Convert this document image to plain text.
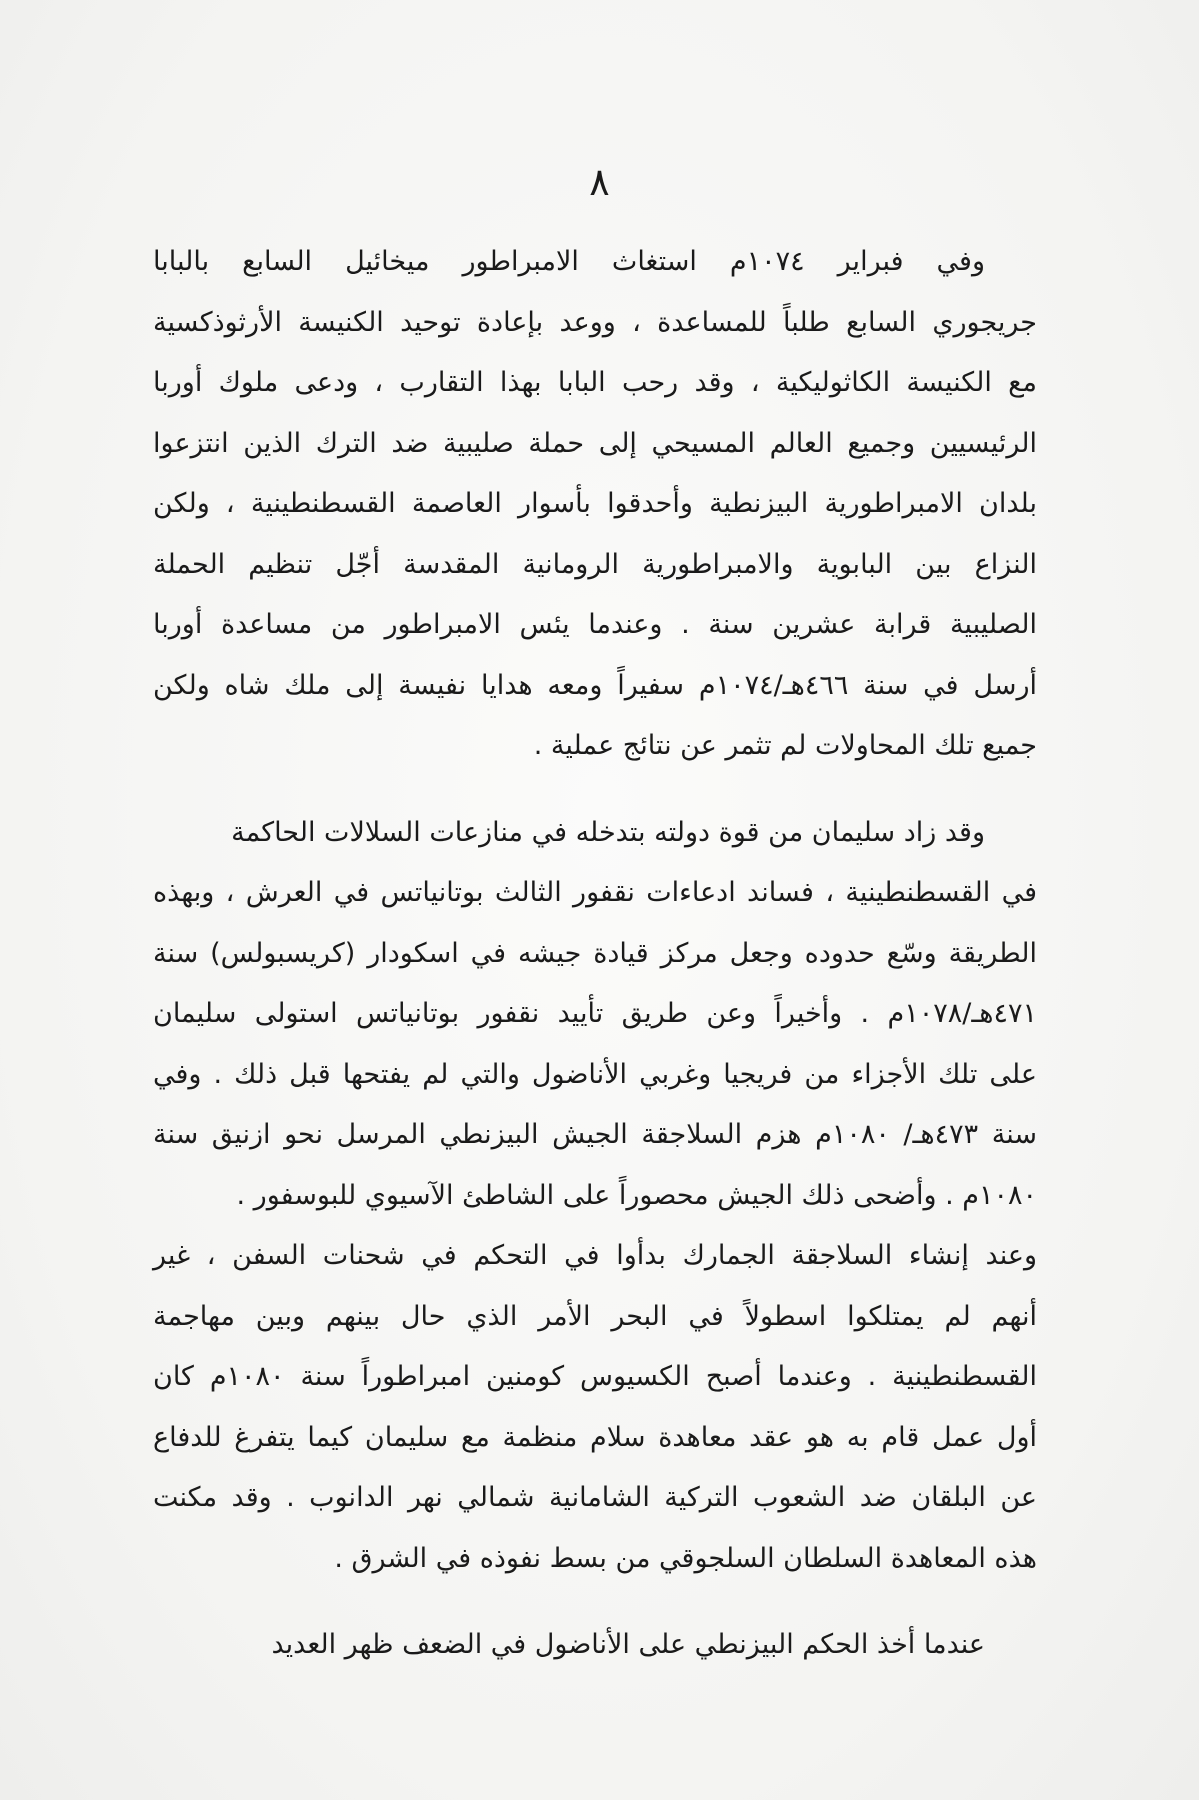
٨
وفي فبراير ١٠٧٤م استغاث الامبراطور ميخائيل السابع بالبابا
جريجوري السابع طلباً للمساعدة ، ووعد بإعادة توحيد الكنيسة الأرثوذكسية
مع الكنيسة الكاثوليكية ، وقد رحب البابا بهذا التقارب ، ودعى ملوك أوربا
الرئيسيين وجميع العالم المسيحي إلى حملة صليبية ضد الترك الذين انتزعوا
بلدان الامبراطورية البيزنطية وأحدقوا بأسوار العاصمة القسطنطينية ، ولكن
النزاع بين البابوية والامبراطورية الرومانية المقدسة أجّل تنظيم الحملة
الصليبية قرابة عشرين سنة . وعندما يئس الامبراطور من مساعدة أوربا
أرسل في سنة ٤٦٦هـ/١٠٧٤م سفيراً ومعه هدايا نفيسة إلى ملك شاه ولكن
جميع تلك المحاولات لم تثمر عن نتائج عملية .
وقد زاد سليمان من قوة دولته بتدخله في منازعات السلالات الحاكمة
في القسطنطينية ، فساند ادعاءات نقفور الثالث بوتانياتس في العرش ، وبهذه
الطريقة وسّع حدوده وجعل مركز قيادة جيشه في اسكودار (كريسبولس) سنة
٤٧١هـ/١٠٧٨م . وأخيراً وعن طريق تأييد نقفور بوتانياتس استولى سليمان
على تلك الأجزاء من فريجيا وغربي الأناضول والتي لم يفتحها قبل ذلك . وفي
سنة ٤٧٣هـ/ ١٠٨٠م هزم السلاجقة الجيش البيزنطي المرسل نحو ازنيق سنة
١٠٨٠م . وأضحى ذلك الجيش محصوراً على الشاطئ الآسيوي للبوسفور .
وعند إنشاء السلاجقة الجمارك بدأوا في التحكم في شحنات السفن ، غير
أنهم لم يمتلكوا اسطولاً في البحر الأمر الذي حال بينهم وبين مهاجمة
القسطنطينية . وعندما أصبح الكسيوس كومنين امبراطوراً سنة ١٠٨٠م كان
أول عمل قام به هو عقد معاهدة سلام منظمة مع سليمان كيما يتفرغ للدفاع
عن البلقان ضد الشعوب التركية الشامانية شمالي نهر الدانوب . وقد مكنت
هذه المعاهدة السلطان السلجوقي من بسط نفوذه في الشرق .
عندما أخذ الحكم البيزنطي على الأناضول في الضعف ظهر العديد
